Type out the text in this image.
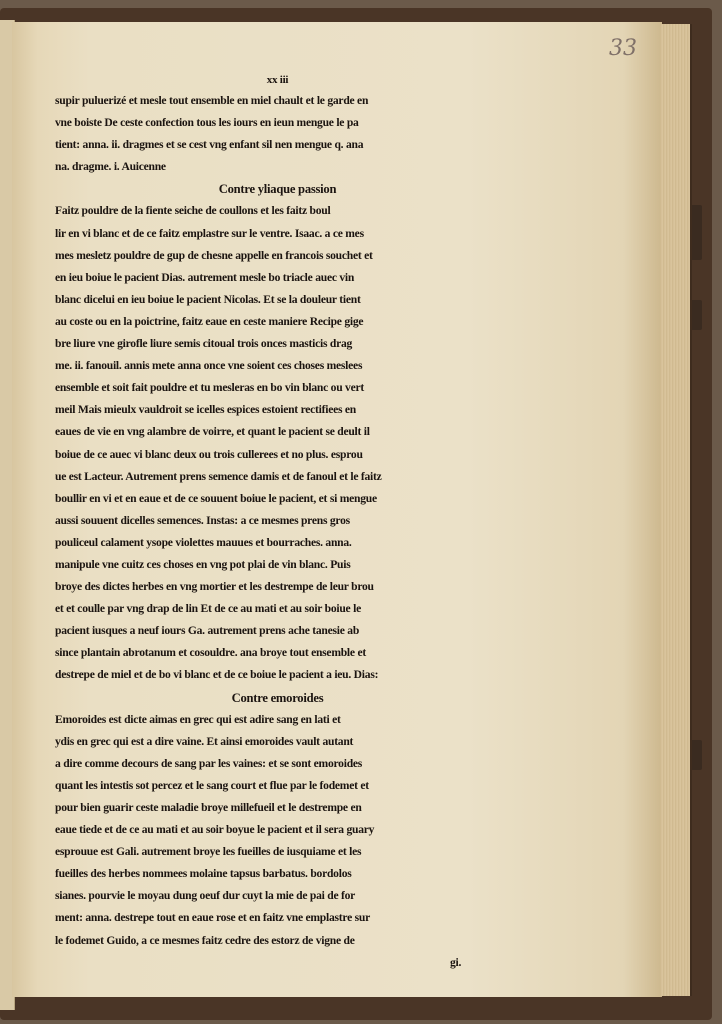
33
xx iii
supir puluerizé et mesle tout ensemble en miel chault et le garde en
vne boiste De ceste confection tous les iours en ieun mengue le pa
tient: anna. ii. dragmes et se cest vng enfant sil nen mengue q. ana
na. dragme. i. Auicenne
Contre yliaque passion
Faitz pouldre de la fiente seiche de coullons et les faitz boul
lir en vi blanc et de ce faitz emplastre sur le ventre. Isaac. a ce mes
mes mesletz pouldre de gup de chesne appelle en francois souchet et
en ieu boiue le pacient Dias. autrement mesle bo triacle auec vin
blanc dicelui en ieu boiue le pacient Nicolas. Et se la douleur tient
au coste ou en la poictrine, faitz eaue en ceste maniere Recipe gige
bre liure vne girofle liure semis citoual trois onces masticis drag
me. ii. fanouil. annis mete anna once vne soient ces choses meslees
ensemble et soit fait pouldre et tu mesleras en bo vin blanc ou vert
meil Mais mieulx vauldroit se icelles espices estoient rectifiees en
eaues de vie en vng alambre de voirre, et quant le pacient se deult il
boiue de ce auec vi blanc deux ou trois cullerees et no plus. esprou
ue est Lacteur. Autrement prens semence damis et de fanoul et le faitz
boullir en vi et en eaue et de ce souuent boiue le pacient, et si mengue
aussi souuent dicelles semences. Instas: a ce mesmes prens gros
pouliceul calament ysope violettes mauues et bourraches. anna.
manipule vne cuitz ces choses en vng pot plai de vin blanc. Puis
broye des dictes herbes en vng mortier et les destrempe de leur brou
et et coulle par vng drap de lin Et de ce au mati et au soir boiue le
pacient iusques a neuf iours Ga. autrement prens ache tanesie ab
since plantain abrotanum et cosouldre. ana broye tout ensemble et
destrepe de miel et de bo vi blanc et de ce boiue le pacient a ieu. Dias:
Contre emoroides
Emoroides est dicte aimas en grec qui est adire sang en lati et
ydis en grec qui est a dire vaine. Et ainsi emoroides vault autant
a dire comme decours de sang par les vaines: et se sont emoroides
quant les intestis sot percez et le sang court et flue par le fodemet et
pour bien guarir ceste maladie broye millefueil et le destrempe en
eaue tiede et de ce au mati et au soir boyue le pacient et il sera guary
esprouue est Gali. autrement broye les fueilles de iusquiame et les
fueilles des herbes nommees molaine tapsus barbatus. bordolos
sianes. pourvie le moyau dung oeuf dur cuyt la mie de pai de for
ment: anna. destrepe tout en eaue rose et en faitz vne emplastre sur
le fodemet Guido, a ce mesmes faitz cedre des estorz de vigne de
gi.
